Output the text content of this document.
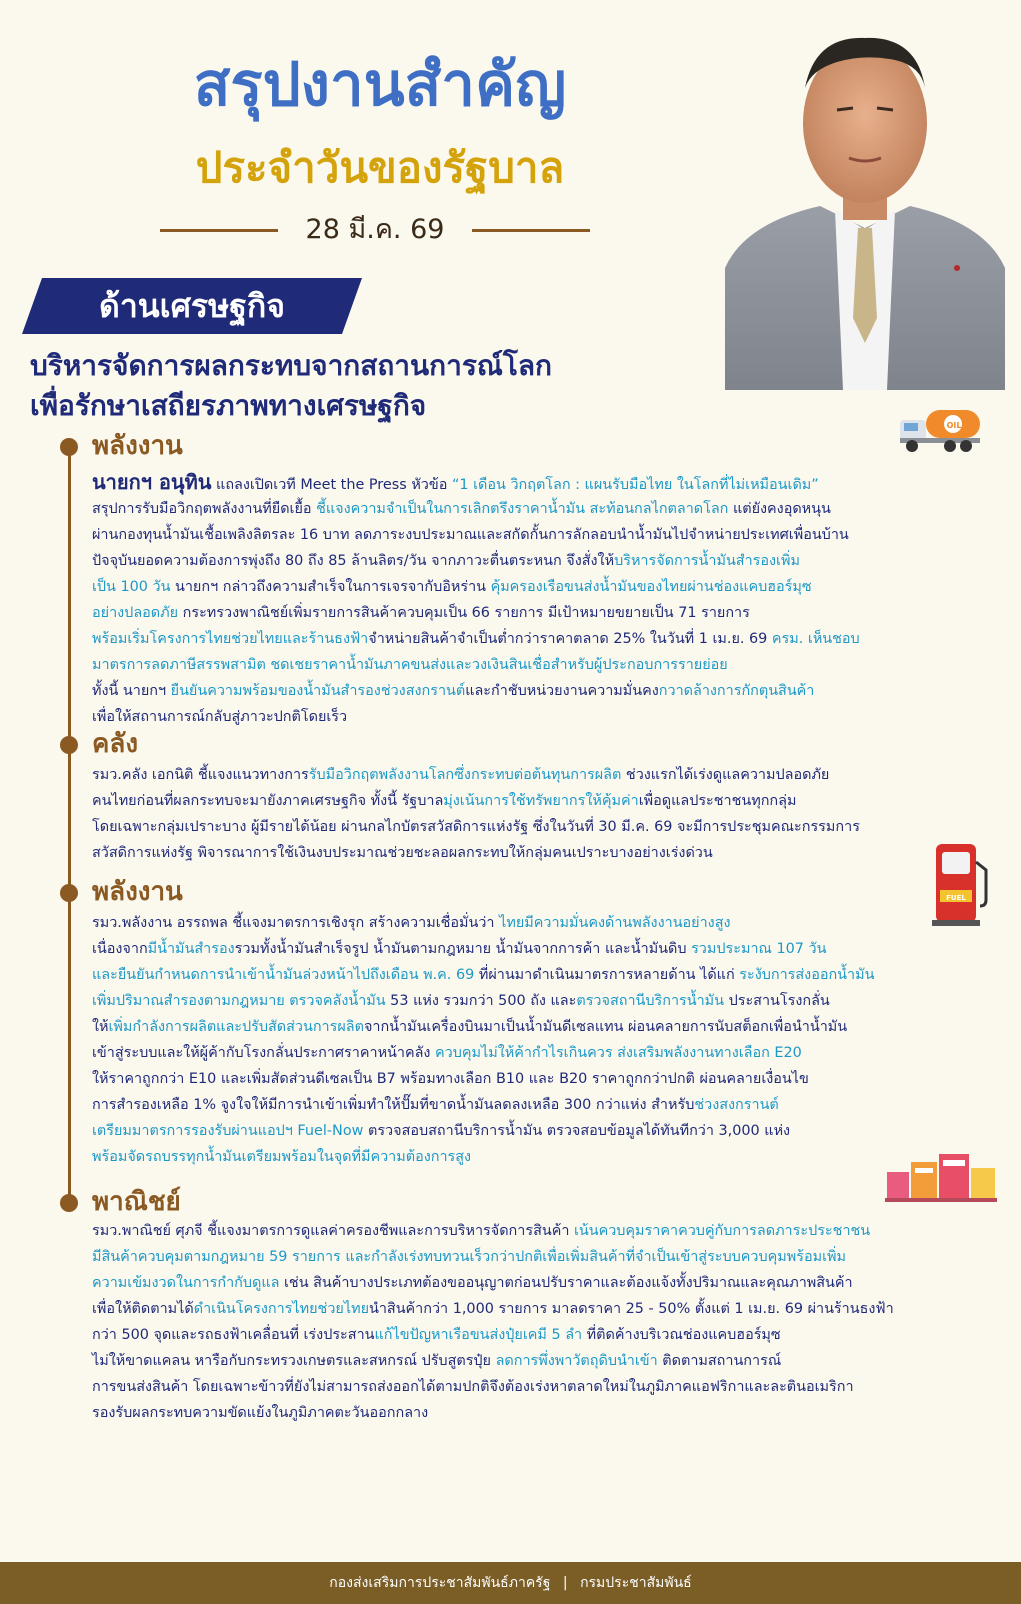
สรุปงานสำคัญ
ประจำวันของรัฐบาล
28 มี.ค. 69
ด้านเศรษฐกิจ
บริหารจัดการผลกระทบจากสถานการณ์โลก
เพื่อรักษาเสถียรภาพทางเศรษฐกิจ
พลังงาน
นายกฯ อนุทิน แถลงเปิดเวที Meet the Press หัวข้อ “1 เดือน วิกฤตโลก : แผนรับมือไทย ในโลกที่ไม่เหมือนเดิม”
สรุปการรับมือวิกฤตพลังงานที่ยืดเยื้อ ชี้แจงความจำเป็นในการเลิกตรึงราคาน้ำมัน สะท้อนกลไกตลาดโลก แต่ยังคงอุดหนุน
ผ่านกองทุนน้ำมันเชื้อเพลิงลิตรละ 16 บาท ลดภาระงบประมาณและสกัดกั้นการลักลอบนำน้ำมันไปจำหน่ายประเทศเพื่อนบ้าน
ปัจจุบันยอดความต้องการพุ่งถึง 80 ถึง 85 ล้านลิตร/วัน จากภาวะตื่นตระหนก จึงสั่งให้บริหารจัดการน้ำมันสำรองเพิ่ม
เป็น 100 วัน นายกฯ กล่าวถึงความสำเร็จในการเจรจากับอิหร่าน คุ้มครองเรือขนส่งน้ำมันของไทยผ่านช่องแคบฮอร์มุซ
อย่างปลอดภัย กระทรวงพาณิชย์เพิ่มรายการสินค้าควบคุมเป็น 66 รายการ มีเป้าหมายขยายเป็น 71 รายการ
พร้อมเริ่มโครงการไทยช่วยไทยและร้านธงฟ้าจำหน่ายสินค้าจำเป็นต่ำกว่าราคาตลาด 25% ในวันที่ 1 เม.ย. 69 ครม. เห็นชอบ
มาตรการลดภาษีสรรพสามิต ชดเชยราคาน้ำมันภาคขนส่งและวงเงินสินเชื่อสำหรับผู้ประกอบการรายย่อย
ทั้งนี้ นายกฯ ยืนยันความพร้อมของน้ำมันสำรองช่วงสงกรานต์และกำชับหน่วยงานความมั่นคงกวาดล้างการกักตุนสินค้า
เพื่อให้สถานการณ์กลับสู่ภาวะปกติโดยเร็ว
คลัง
รมว.คลัง เอกนิติ ชี้แจงแนวทางการรับมือวิกฤตพลังงานโลกซึ่งกระทบต่อต้นทุนการผลิต ช่วงแรกได้เร่งดูแลความปลอดภัย
คนไทยก่อนที่ผลกระทบจะมายังภาคเศรษฐกิจ ทั้งนี้ รัฐบาลมุ่งเน้นการใช้ทรัพยากรให้คุ้มค่าเพื่อดูแลประชาชนทุกกลุ่ม
โดยเฉพาะกลุ่มเปราะบาง ผู้มีรายได้น้อย ผ่านกลไกบัตรสวัสดิการแห่งรัฐ ซึ่งในวันที่ 30 มี.ค. 69 จะมีการประชุมคณะกรรมการ
สวัสดิการแห่งรัฐ พิจารณาการใช้เงินงบประมาณช่วยชะลอผลกระทบให้กลุ่มคนเปราะบางอย่างเร่งด่วน
พลังงาน
รมว.พลังงาน อรรถพล ชี้แจงมาตรการเชิงรุก สร้างความเชื่อมั่นว่า ไทยมีความมั่นคงด้านพลังงานอย่างสูง
เนื่องจากมีน้ำมันสำรองรวมทั้งน้ำมันสำเร็จรูป น้ำมันตามกฎหมาย น้ำมันจากการค้า และน้ำมันดิบ รวมประมาณ 107 วัน
และยืนยันกำหนดการนำเข้าน้ำมันล่วงหน้าไปถึงเดือน พ.ค. 69 ที่ผ่านมาดำเนินมาตรการหลายด้าน ได้แก่ ระงับการส่งออกน้ำมัน
เพิ่มปริมาณสำรองตามกฎหมาย ตรวจคลังน้ำมัน 53 แห่ง รวมกว่า 500 ถัง และตรวจสถานีบริการน้ำมัน ประสานโรงกลั่น
ให้เพิ่มกำลังการผลิตและปรับสัดส่วนการผลิตจากน้ำมันเครื่องบินมาเป็นน้ำมันดีเซลแทน ผ่อนคลายการนับสต็อกเพื่อนำน้ำมัน
เข้าสู่ระบบและให้ผู้ค้ากับโรงกลั่นประกาศราคาหน้าคลัง ควบคุมไม่ให้ค้ากำไรเกินควร ส่งเสริมพลังงานทางเลือก E20
ให้ราคาถูกกว่า E10 และเพิ่มสัดส่วนดีเซลเป็น B7 พร้อมทางเลือก B10 และ B20 ราคาถูกกว่าปกติ ผ่อนคลายเงื่อนไข
การสำรองเหลือ 1% จูงใจให้มีการนำเข้าเพิ่มทำให้ปั๊มที่ขาดน้ำมันลดลงเหลือ 300 กว่าแห่ง สำหรับช่วงสงกรานต์
เตรียมมาตรการรองรับผ่านแอปฯ Fuel-Now ตรวจสอบสถานีบริการน้ำมัน ตรวจสอบข้อมูลได้ทันทีกว่า 3,000 แห่ง
พร้อมจัดรถบรรทุกน้ำมันเตรียมพร้อมในจุดที่มีความต้องการสูง
พาณิชย์
รมว.พาณิชย์ ศุภจี ชี้แจงมาตรการดูแลค่าครองชีพและการบริหารจัดการสินค้า เน้นควบคุมราคาควบคู่กับการลดภาระประชาชน
มีสินค้าควบคุมตามกฎหมาย 59 รายการ และกำลังเร่งทบทวนเร็วกว่าปกติเพื่อเพิ่มสินค้าที่จำเป็นเข้าสู่ระบบควบคุมพร้อมเพิ่ม
ความเข้มงวดในการกำกับดูแล เช่น สินค้าบางประเภทต้องขออนุญาตก่อนปรับราคาและต้องแจ้งทั้งปริมาณและคุณภาพสินค้า
เพื่อให้ติดตามได้ดำเนินโครงการไทยช่วยไทยนำสินค้ากว่า 1,000 รายการ มาลดราคา 25 - 50% ตั้งแต่ 1 เม.ย. 69 ผ่านร้านธงฟ้า
กว่า 500 จุดและรถธงฟ้าเคลื่อนที่ เร่งประสานแก้ไขปัญหาเรือขนส่งปุ๋ยเคมี 5 ลำ ที่ติดค้างบริเวณช่องแคบฮอร์มุซ
ไม่ให้ขาดแคลน หารือกับกระทรวงเกษตรและสหกรณ์ ปรับสูตรปุ๋ย ลดการพึ่งพาวัตถุดิบนำเข้า ติดตามสถานการณ์
การขนส่งสินค้า โดยเฉพาะข้าวที่ยังไม่สามารถส่งออกได้ตามปกติจึงต้องเร่งหาตลาดใหม่ในภูมิภาคแอฟริกาและละตินอเมริกา
รองรับผลกระทบความขัดแย้งในภูมิภาคตะวันออกกลาง
OIL
FUEL
กองส่งเสริมการประชาสัมพันธ์ภาครัฐ | กรมประชาสัมพันธ์
